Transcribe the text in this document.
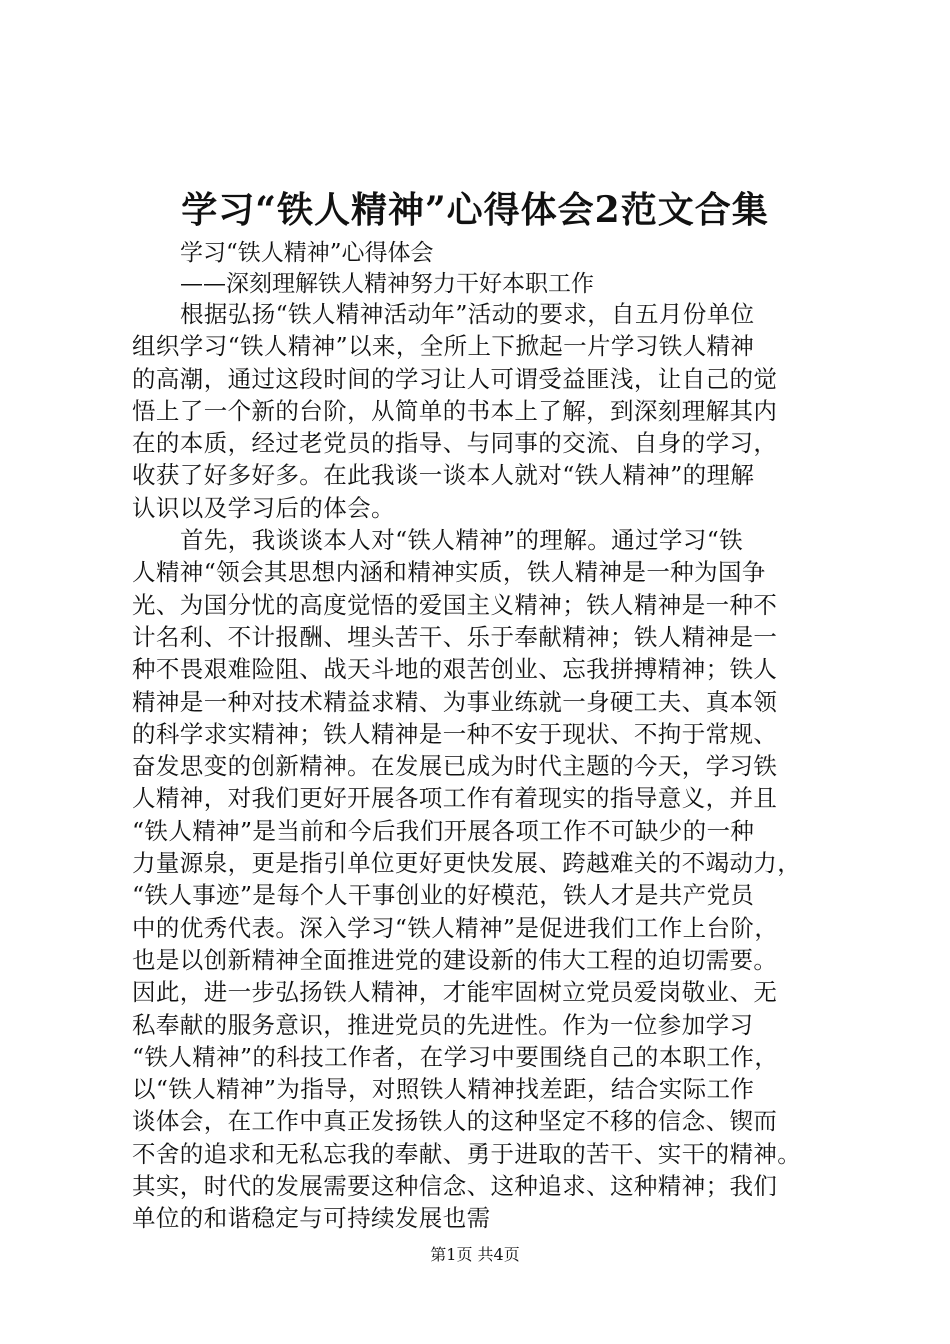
学习“铁人精神”心得体会2范文合集
学习“铁人精神”心得体会
——深刻理解铁人精神努力干好本职工作
根据弘扬“铁人精神活动年”活动的要求，自五月份单位
组织学习“铁人精神”以来，全所上下掀起一片学习铁人精神
的高潮，通过这段时间的学习让人可谓受益匪浅，让自己的觉
悟上了一个新的台阶，从简单的书本上了解，到深刻理解其内
在的本质，经过老党员的指导、与同事的交流、自身的学习，
收获了好多好多。在此我谈一谈本人就对“铁人精神”的理解
认识以及学习后的体会。
首先，我谈谈本人对“铁人精神”的理解。通过学习“铁
人精神“领会其思想内涵和精神实质，铁人精神是一种为国争
光、为国分忧的高度觉悟的爱国主义精神；铁人精神是一种不
计名利、不计报酬、埋头苦干、乐于奉献精神；铁人精神是一
种不畏艰难险阻、战天斗地的艰苦创业、忘我拼搏精神；铁人
精神是一种对技术精益求精、为事业练就一身硬工夫、真本领
的科学求实精神；铁人精神是一种不安于现状、不拘于常规、
奋发思变的创新精神。在发展已成为时代主题的今天，学习铁
人精神，对我们更好开展各项工作有着现实的指导意义，并且
“铁人精神”是当前和今后我们开展各项工作不可缺少的一种
力量源泉，更是指引单位更好更快发展、跨越难关的不竭动力，
“铁人事迹”是每个人干事创业的好模范，铁人才是共产党员
中的优秀代表。深入学习“铁人精神”是促进我们工作上台阶，
也是以创新精神全面推进党的建设新的伟大工程的迫切需要。
因此，进一步弘扬铁人精神，才能牢固树立党员爱岗敬业、无
私奉献的服务意识，推进党员的先进性。作为一位参加学习
“铁人精神”的科技工作者，在学习中要围绕自己的本职工作，
以“铁人精神”为指导，对照铁人精神找差距，结合实际工作
谈体会，在工作中真正发扬铁人的这种坚定不移的信念、锲而
不舍的追求和无私忘我的奉献、勇于进取的苦干、实干的精神。
其实，时代的发展需要这种信念、这种追求、这种精神；我们
单位的和谐稳定与可持续发展也需
第1页 共4页
